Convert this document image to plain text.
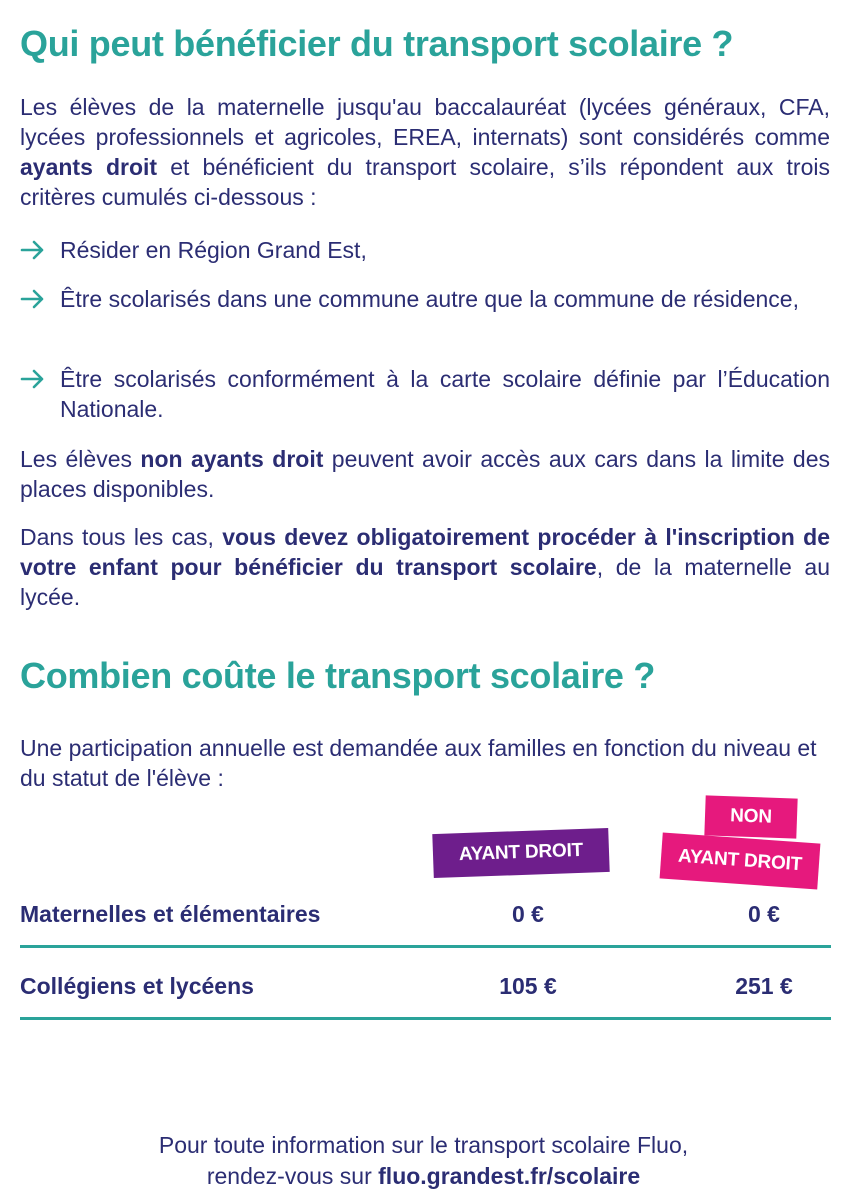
Qui peut bénéficier du transport scolaire ?

Les élèves de la maternelle jusqu'au baccalauréat (lycées généraux, CFA, lycées professionnels et agricoles, EREA, internats) sont considérés comme ayants droit et bénéficient du transport scolaire, s’ils répondent aux trois critères cumulés ci-dessous :

Résider en Région Grand Est,
Être scolarisés dans une commune autre que la commune de résidence,
Être scolarisés conformément à la carte scolaire définie par l’Éducation Nationale.

Les élèves non ayants droit peuvent avoir accès aux cars dans la limite des places disponibles.

Dans tous les cas, vous devez obligatoirement procéder à l'inscription de votre enfant pour bénéficier du transport scolaire, de la maternelle au lycée.

Combien coûte le transport scolaire ?

Une participation annuelle est demandée aux familles en fonction du niveau et du statut de l'élève :

AYANT DROIT
NON
AYANT DROIT
Maternelles et élémentaires	0 €	0 €
Collégiens et lycéens	105 €	251 €
Pour toute information sur le transport scolaire Fluo,
rendez-vous sur fluo.grandest.fr/scolaire
